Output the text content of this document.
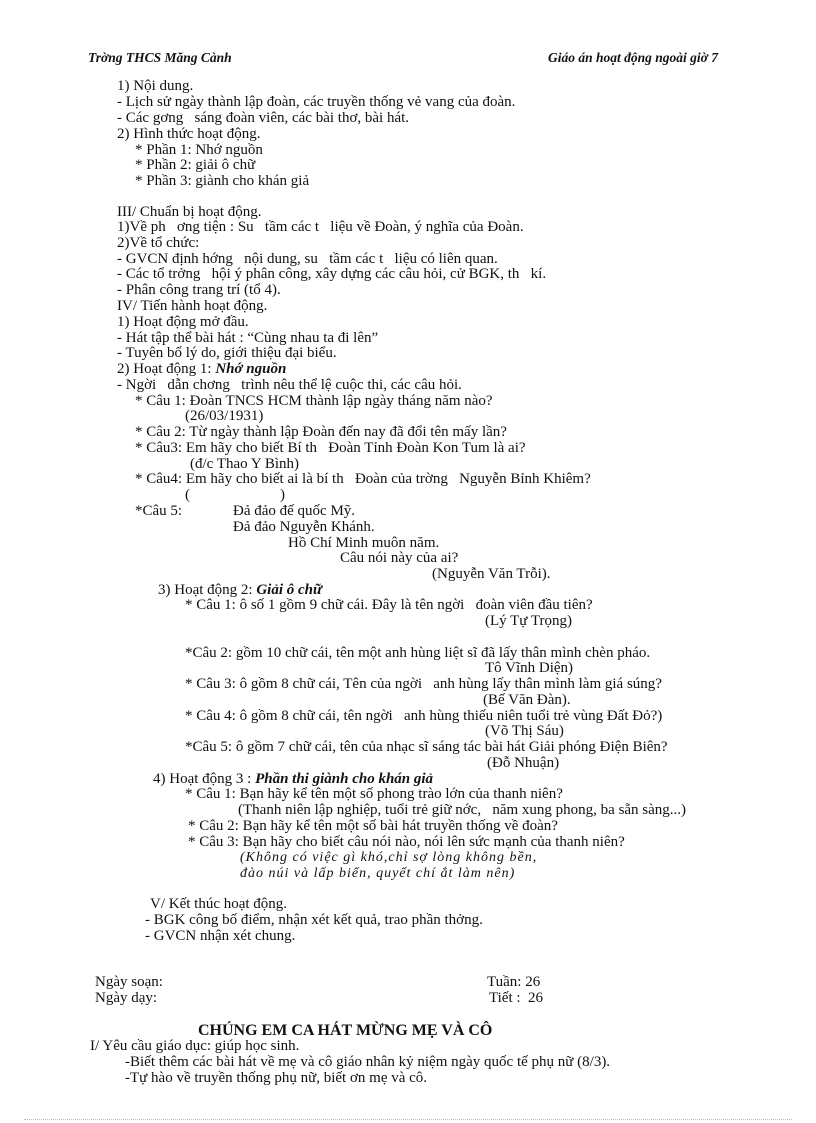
Trờng THCS Măng Cành	Giáo án hoạt động ngoài giờ 7
1) Nội dung.
- Lịch sử ngày thành lập đoàn, các truyền thống vẻ vang của đoàn.
- Các gơng   sáng đoàn viên, các bài thơ, bài hát.
2) Hình thức hoạt động.
* Phần 1: Nhớ nguồn
* Phần 2: giải ô chữ
* Phần 3: giành cho khán giả
III/ Chuẩn bị hoạt động.
1)Về ph   ơng tiện : Su   tầm các t   liệu về Đoàn, ý nghĩa của Đoàn.
2)Về tổ chức:
- GVCN định hớng   nội dung, su   tầm các t   liệu có liên quan.
- Các tổ trởng   hội ý phân công, xây dựng các câu hỏi, cử BGK, th   kí.
- Phân công trang trí (tổ 4).
IV/ Tiến hành hoạt động.
1) Hoạt động mở đầu.
- Hát tập thể bài hát : “Cùng nhau ta đi lên”
- Tuyên bố lý do, giới thiệu đại biểu.
2) Hoạt động 1: Nhớ nguồn
- Ngời   dẫn chơng   trình nêu thể lệ cuộc thi, các câu hỏi.
* Câu 1: Đoàn TNCS HCM thành lập ngày tháng năm nào?
(26/03/1931)
* Câu 2: Từ ngày thành lập Đoàn đến nay đã đổi tên mấy lần?
* Câu3: Em hãy cho biết Bí th   Đoàn Tỉnh Đoàn Kon Tum là ai?
(đ/c Thao Y Bình)
* Câu4: Em hãy cho biết ai là bí th   Đoàn của trờng   Nguyễn Bỉnh Khiêm?
(                        )
*Câu 5:	Đả đảo đế quốc Mỹ.
Đả đảo Nguyễn Khánh.
Hồ Chí Minh muôn năm.
Câu nói này của ai?
(Nguyễn Văn Trỗi).
3) Hoạt động 2: Giải ô chữ
* Câu 1: ô số 1 gồm 9 chữ cái. Đây là tên ngời   đoàn viên đầu tiên?
(Lý Tự Trọng)
*Câu 2: gồm 10 chữ cái, tên một anh hùng liệt sĩ đã lấy thân mình chèn pháo.
Tô Vĩnh Diện)
* Câu 3: ô gồm 8 chữ cái, Tên của ngời   anh hùng lấy thân mình làm giá súng?
(Bế Văn Đàn).
* Câu 4: ô gồm 8 chữ cái, tên ngời   anh hùng thiếu niên tuổi trẻ vùng Đất Đỏ?)
(Võ Thị Sáu)
*Câu 5: ô gồm 7 chữ cái, tên của nhạc sĩ sáng tác bài hát Giải phóng Điện Biên?
(Đỗ Nhuận)
4) Hoạt động 3 : Phần thi giành cho khán giả
* Câu 1: Bạn hãy kể tên một số phong trào lớn của thanh niên?
(Thanh niên lập nghiệp, tuổi trẻ giữ nớc,   năm xung phong, ba sẵn sàng...)
* Câu 2: Bạn hãy kể tên một số bài hát truyền thống về đoàn?
* Câu 3: Bạn hãy cho biết câu nói nào, nói lên sức mạnh của thanh niên?
(Không có việc gì khó,chỉ sợ lòng không bền,
đào núi và lấp biển, quyết chí ắt làm nên)
V/ Kết thúc hoạt động.
- BGK công bố điểm, nhận xét kết quả, trao phần thởng.
- GVCN nhận xét chung.
Ngày soạn:	Tuần: 26
Ngày dạy:	Tiết :  26
CHÚNG EM CA HÁT MỪNG MẸ VÀ CÔ
I/ Yêu cầu giáo dục: giúp học sinh.
-Biết thêm các bài hát về mẹ và cô giáo nhân kỷ niệm ngày quốc tế phụ nữ (8/3).
-Tự hào về truyền thống phụ nữ, biết ơn mẹ và cô.
